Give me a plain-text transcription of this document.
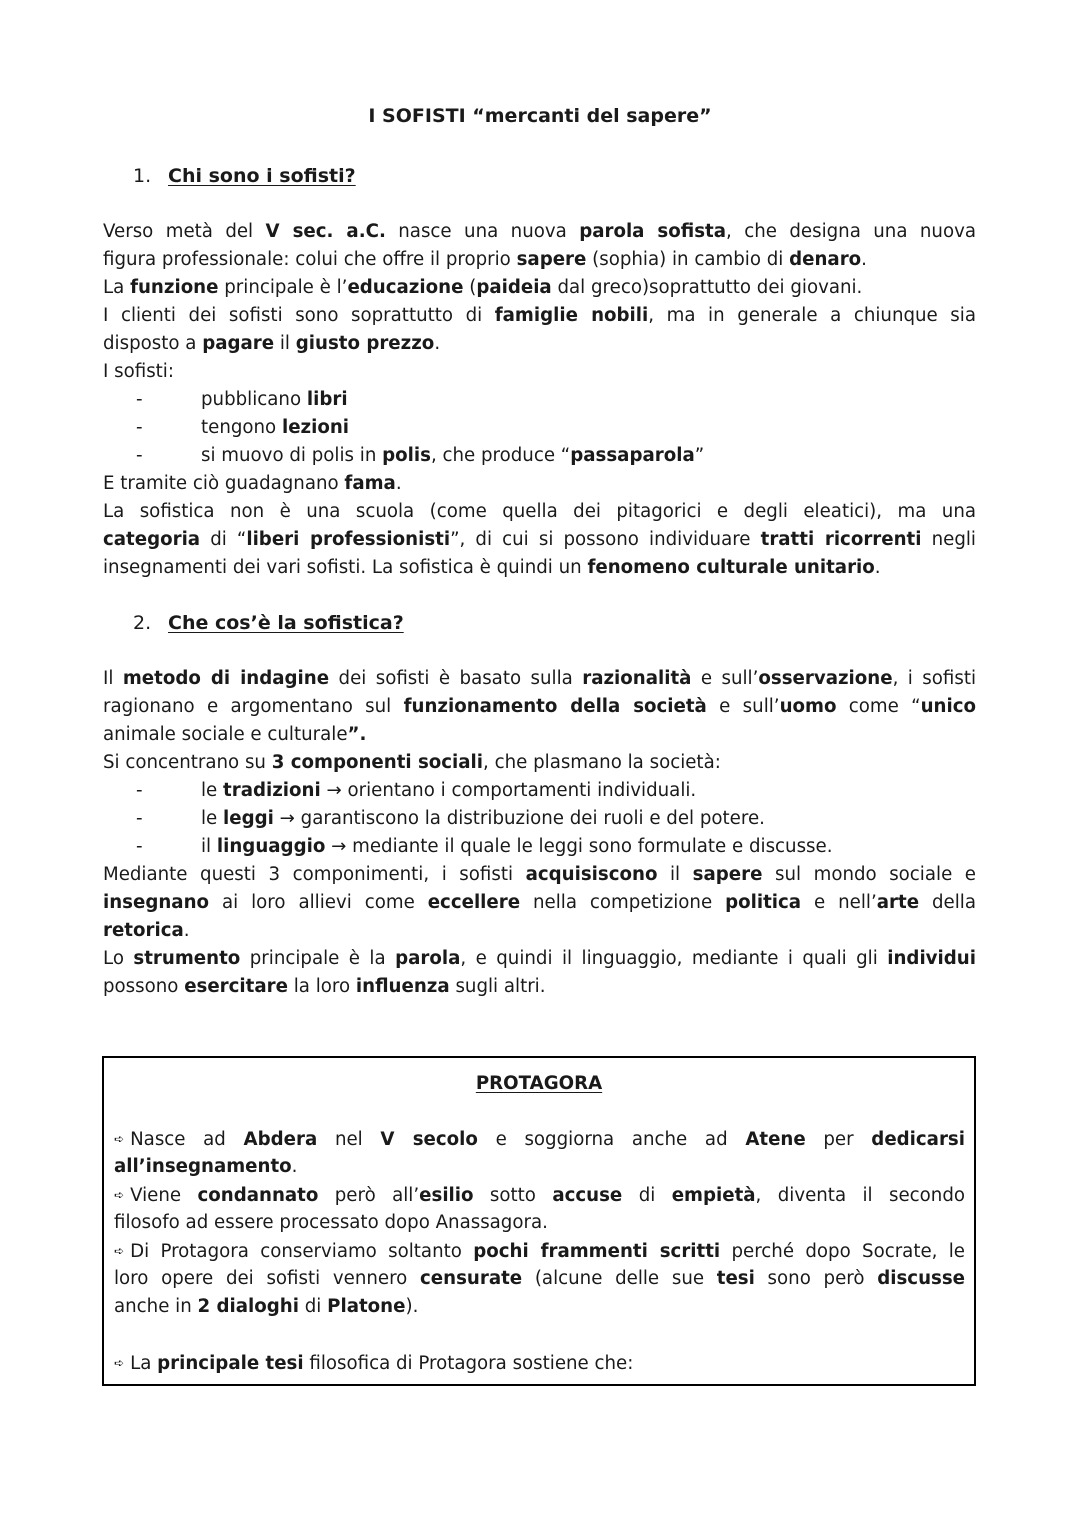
I SOFISTI “mercanti del sapere”
1. Chi sono i sofisti?
Verso metà del V sec. a.C. nasce una nuova parola sofista, che designa una nuova
figura professionale: colui che offre il proprio sapere (sophia) in cambio di denaro.
La funzione principale è l’educazione (paideia dal greco)soprattutto dei giovani.
I clienti dei sofisti sono soprattutto di famiglie nobili, ma in generale a chiunque sia
disposto a pagare il giusto prezzo.
I sofisti:
-	pubblicano libri
-	tengono lezioni
-	si muovo di polis in polis, che produce “passaparola”
E tramite ciò guadagnano fama.
La sofistica non è una scuola (come quella dei pitagorici e degli eleatici), ma una
categoria di “liberi professionisti”, di cui si possono individuare tratti ricorrenti negli
insegnamenti dei vari sofisti. La sofistica è quindi un fenomeno culturale unitario.
2. Che cos’è la sofistica?
Il metodo di indagine dei sofisti è basato sulla razionalità e sull’osservazione, i sofisti
ragionano e argomentano sul funzionamento della società e sull’uomo come “unico
animale sociale e culturale”.
Si concentrano su 3 componenti sociali, che plasmano la società:
-	le tradizioni → orientano i comportamenti individuali.
-	le leggi → garantiscono la distribuzione dei ruoli e del potere.
-	il linguaggio → mediante il quale le leggi sono formulate e discusse.
Mediante questi 3 componimenti, i sofisti acquisiscono il sapere sul mondo sociale e
insegnano ai loro allievi come eccellere nella competizione politica e nell’arte della
retorica.
Lo strumento principale è la parola, e quindi il linguaggio, mediante i quali gli individui
possono esercitare la loro influenza sugli altri.
PROTAGORA
➪ Nasce ad Abdera nel V secolo e soggiorna anche ad Atene per dedicarsi
all’insegnamento.
➪ Viene condannato però all’esilio sotto accuse di empietà, diventa il secondo
filosofo ad essere processato dopo Anassagora.
➪ Di Protagora conserviamo soltanto pochi frammenti scritti perché dopo Socrate, le
loro opere dei sofisti vennero censurate (alcune delle sue tesi sono però discusse
anche in 2 dialoghi di Platone).
➪ La principale tesi filosofica di Protagora sostiene che:
